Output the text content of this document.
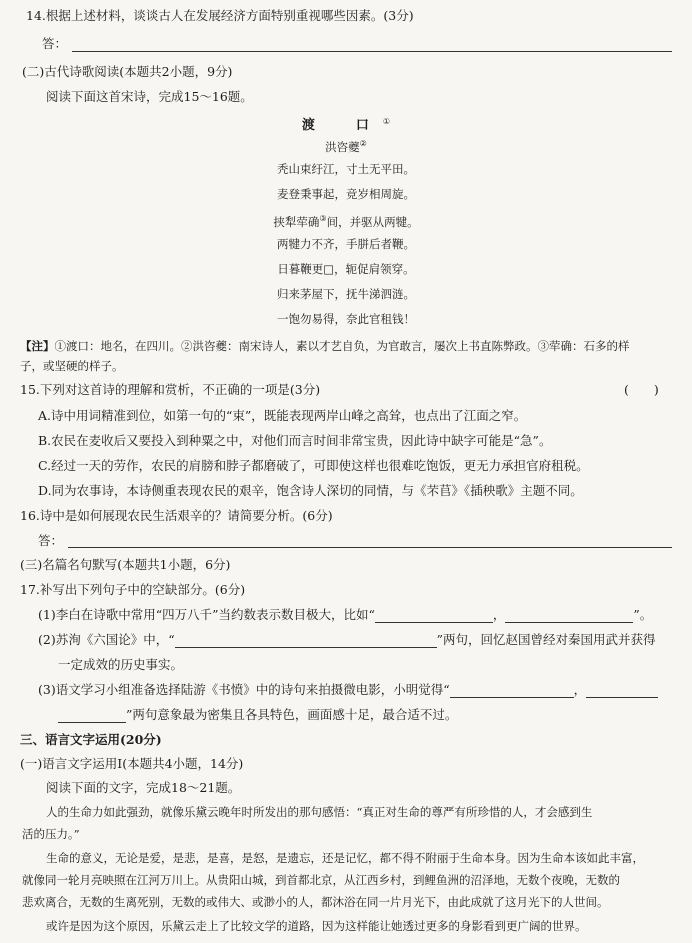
14.根据上述材料，谈谈古人在发展经济方面特别重视哪些因素。(3分)
答：
(二)古代诗歌阅读(本题共2小题，9分)
阅读下面这首宋诗，完成15～16题。
渡　口①
洪咨夔②
秃山束纡江，寸土无平田。
麦登秉事起，竞岁相周旋。
挟犁荦确③间，并驱从两犍。
两犍力不齐，手胼后者鞭。
日暮鞭更□，轭促肩领穿。
归来茅屋下，抚牛涕泗涟。
一饱勿易得，奈此官租钱！
【注】①渡口：地名，在四川。②洪咨夔：南宋诗人，素以才艺自负，为官敢言，屡次上书直陈弊政。③荦确：石多的样
子，或坚硬的样子。
15.下列对这首诗的理解和赏析，不正确的一项是(3分)	(　　)
A.诗中用词精准到位，如第一句的“束”，既能表现两岸山峰之高耸，也点出了江面之窄。
B.农民在麦收后又要投入到种粟之中，对他们而言时间非常宝贵，因此诗中缺字可能是“急”。
C.经过一天的劳作，农民的肩膀和脖子都磨破了，可即使这样也很难吃饱饭，更无力承担官府租税。
D.同为农事诗，本诗侧重表现农民的艰辛，饱含诗人深切的同情，与《芣苢》《插秧歌》主题不同。
16.诗中是如何展现农民生活艰辛的？请简要分析。(6分)
答：
(三)名篇名句默写(本题共1小题，6分)
17.补写出下列句子中的空缺部分。(6分)
(1)李白在诗歌中常用“四万八千”当约数表示数目极大，比如“	，	”。
(2)苏洵《六国论》中，“	”两句，回忆赵国曾经对秦国用武并获得
一定成效的历史事实。
(3)语文学习小组准备选择陆游《书愤》中的诗句来拍摄微电影，小明觉得“	，
”两句意象最为密集且各具特色，画面感十足，最合适不过。
三、语言文字运用(20分)
(一)语言文字运用Ⅰ(本题共4小题，14分)
阅读下面的文字，完成18～21题。
人的生命力如此强劲，就像乐黛云晚年时所发出的那句感悟：“真正对生命的尊严有所珍惜的人，才会感到生
活的压力。”
生命的意义，无论是爱，是悲，是喜，是怒，是遗忘，还是记忆，都不得不附丽于生命本身。因为生命本该如此丰富，
就像同一轮月亮映照在江河万川上。从贵阳山城，到首都北京，从江西乡村，到鲤鱼洲的沼泽地，无数个夜晚，无数的
悲欢离合，无数的生离死别，无数的或伟大、或渺小的人，都沐浴在同一片月光下，由此成就了这月光下的人世间。
或许是因为这个原因，乐黛云走上了比较文学的道路，因为这样能让她透过更多的身影看到更广阔的世界。
